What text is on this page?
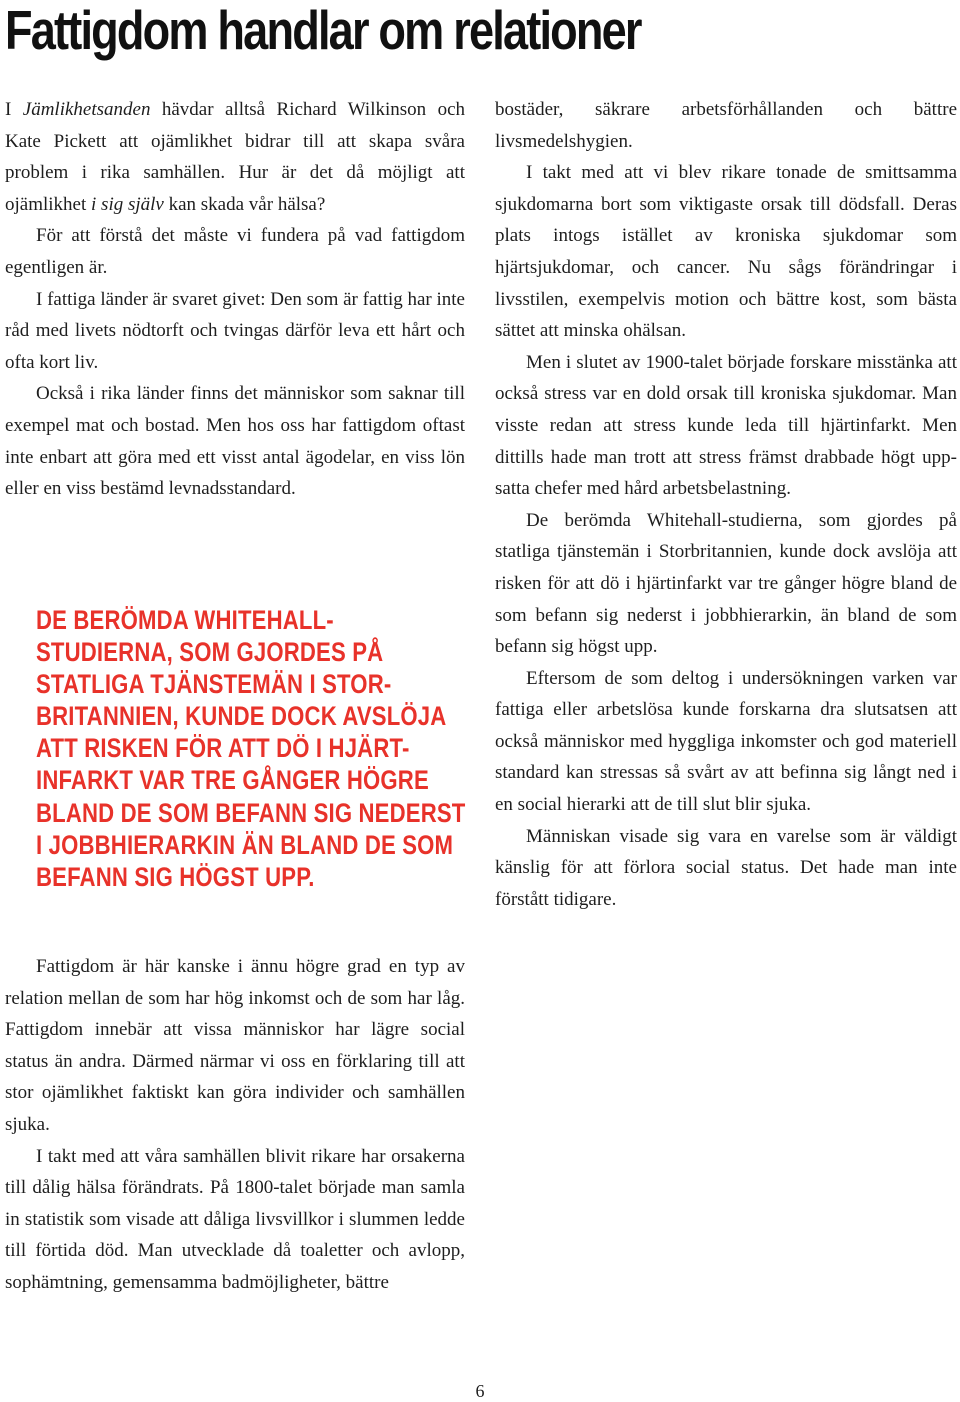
Fattigdom handlar om relationer

I Jämlikhetsanden hävdar alltså Richard Wilkinson och Kate Pickett att ojämlikhet bidrar till att skapa svåra problem i rika samhällen. Hur är det då möjligt att ojämlikhet i sig själv kan skada vår hälsa?

För att förstå det måste vi fundera på vad fattigdom egentligen är.

I fattiga länder är svaret givet: Den som är fattig har inte råd med livets nödtorft och tvingas därför leva ett hårt och ofta kort liv.

Också i rika länder finns det människor som saknar till exempel mat och bostad. Men hos oss har fattigdom oftast inte enbart att göra med ett visst antal ägodelar, en viss lön eller en viss bestämd levnadsstandard.

DE BERÖMDA WHITEHALL-
STUDIERNA, SOM GJORDES PÅ
STATLIGA TJÄNSTEMÄN I STOR-
BRITANNIEN, KUNDE DOCK AVSLÖJA
ATT RISKEN FÖR ATT DÖ I HJÄRT-
INFARKT VAR TRE GÅNGER HÖGRE
BLAND DE SOM BEFANN SIG NEDERST
I JOBBHIERARKIN ÄN BLAND DE SOM
BEFANN SIG HÖGST UPP.

Fattigdom är här kanske i ännu högre grad en typ av relation mellan de som har hög inkomst och de som har låg. Fattigdom innebär att vissa människor har lägre social status än andra. Därmed närmar vi oss en förklaring till att stor ojämlikhet faktiskt kan göra individer och samhällen sjuka.

I takt med att våra samhällen blivit rikare har orsakerna till dålig hälsa förändrats. På 1800-talet började man samla in statistik som visade att dåliga livsvillkor i slummen ledde till förtida död. Man utvecklade då toaletter och avlopp, sophämtning, gemensamma badmöjligheter, bättre

bostäder, säkrare arbetsförhållanden och bättre livsmedelshygien.

I takt med att vi blev rikare tonade de smittsamma sjukdomarna bort som viktigaste orsak till dödsfall. Deras plats intogs istället av kroniska sjukdomar som hjärtsjukdomar, och cancer. Nu sågs förändringar i livsstilen, exempelvis motion och bättre kost, som bästa sättet att minska ohälsan.

Men i slutet av 1900-talet började forskare misstänka att också stress var en dold orsak till kroniska sjukdomar. Man visste redan att stress kunde leda till hjärtinfarkt. Men dittills hade man trott att stress främst drabbade högt uppsatta chefer med hård arbetsbelastning.

De berömda Whitehall-studierna, som gjordes på statliga tjänstemän i Storbritannien, kunde dock avslöja att risken för att dö i hjärtinfarkt var tre gånger högre bland de som befann sig nederst i jobbhierarkin, än bland de som befann sig högst upp.

Eftersom de som deltog i undersökningen varken var fattiga eller arbetslösa kunde forskarna dra slutsatsen att också människor med hyggliga inkomster och god materiell standard kan stressas så svårt av att befinna sig långt ned i en social hierarki att de till slut blir sjuka.

Människan visade sig vara en varelse som är väldigt känslig för att förlora social status. Det hade man inte förstått tidigare.

6
